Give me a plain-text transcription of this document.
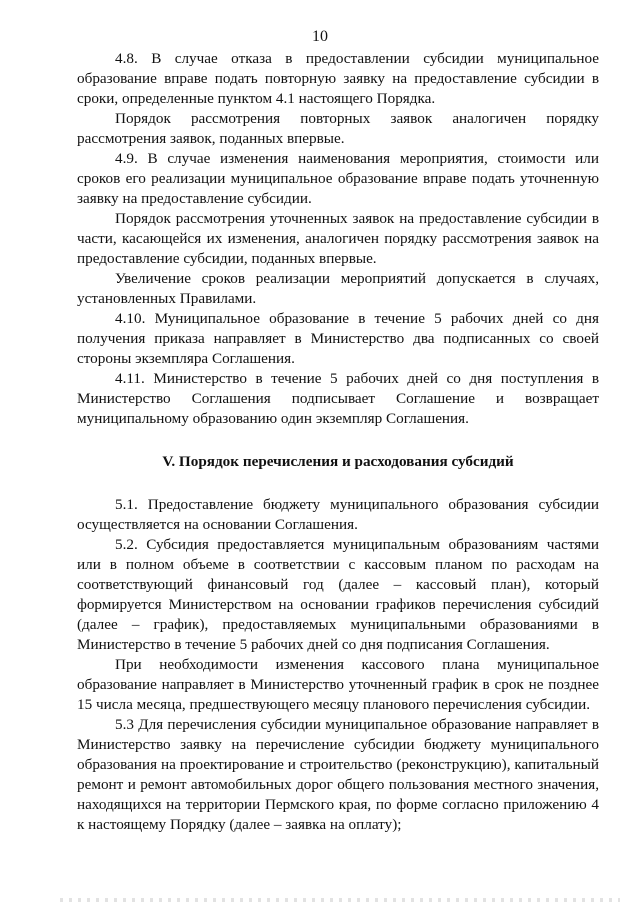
10

4.8. В случае отказа в предоставлении субсидии муниципальное образование вправе подать повторную заявку на предоставление субсидии в сроки, определенные пунктом 4.1 настоящего Порядка.

Порядок рассмотрения повторных заявок аналогичен порядку рассмотрения заявок, поданных впервые.

4.9. В случае изменения наименования мероприятия, стоимости или сроков его реализации муниципальное образование вправе подать уточненную заявку на предоставление субсидии.

Порядок рассмотрения уточненных заявок на предоставление субсидии в части, касающейся их изменения, аналогичен порядку рассмотрения заявок на предоставление субсидии, поданных впервые.

Увеличение сроков реализации мероприятий допускается в случаях, установленных Правилами.

4.10. Муниципальное образование в течение 5 рабочих дней со дня получения приказа направляет в Министерство два подписанных со своей стороны экземпляра Соглашения.

4.11. Министерство в течение 5 рабочих дней со дня поступления в Министерство Соглашения подписывает Соглашение и возвращает муниципальному образованию один экземпляр Соглашения.

V. Порядок перечисления и расходования субсидий

5.1. Предоставление бюджету муниципального образования субсидии осуществляется на основании Соглашения.

5.2. Субсидия предоставляется муниципальным образованиям частями или в полном объеме в соответствии с кассовым планом по расходам на соответствующий финансовый год (далее – кассовый план), который формируется Министерством на основании графиков перечисления субсидий (далее – график), предоставляемых муниципальными образованиями в Министерство в течение 5 рабочих дней со дня подписания Соглашения.

При необходимости изменения кассового плана муниципальное образование направляет в Министерство уточненный график в срок не позднее 15 числа месяца, предшествующего месяцу планового перечисления субсидии.

5.3 Для перечисления субсидии муниципальное образование направляет в Министерство заявку на перечисление субсидии бюджету муниципального образования на проектирование и строительство (реконструкцию), капитальный ремонт и ремонт автомобильных дорог общего пользования местного значения, находящихся на территории Пермского края, по форме согласно приложению 4 к настоящему Порядку (далее – заявка на оплату);
